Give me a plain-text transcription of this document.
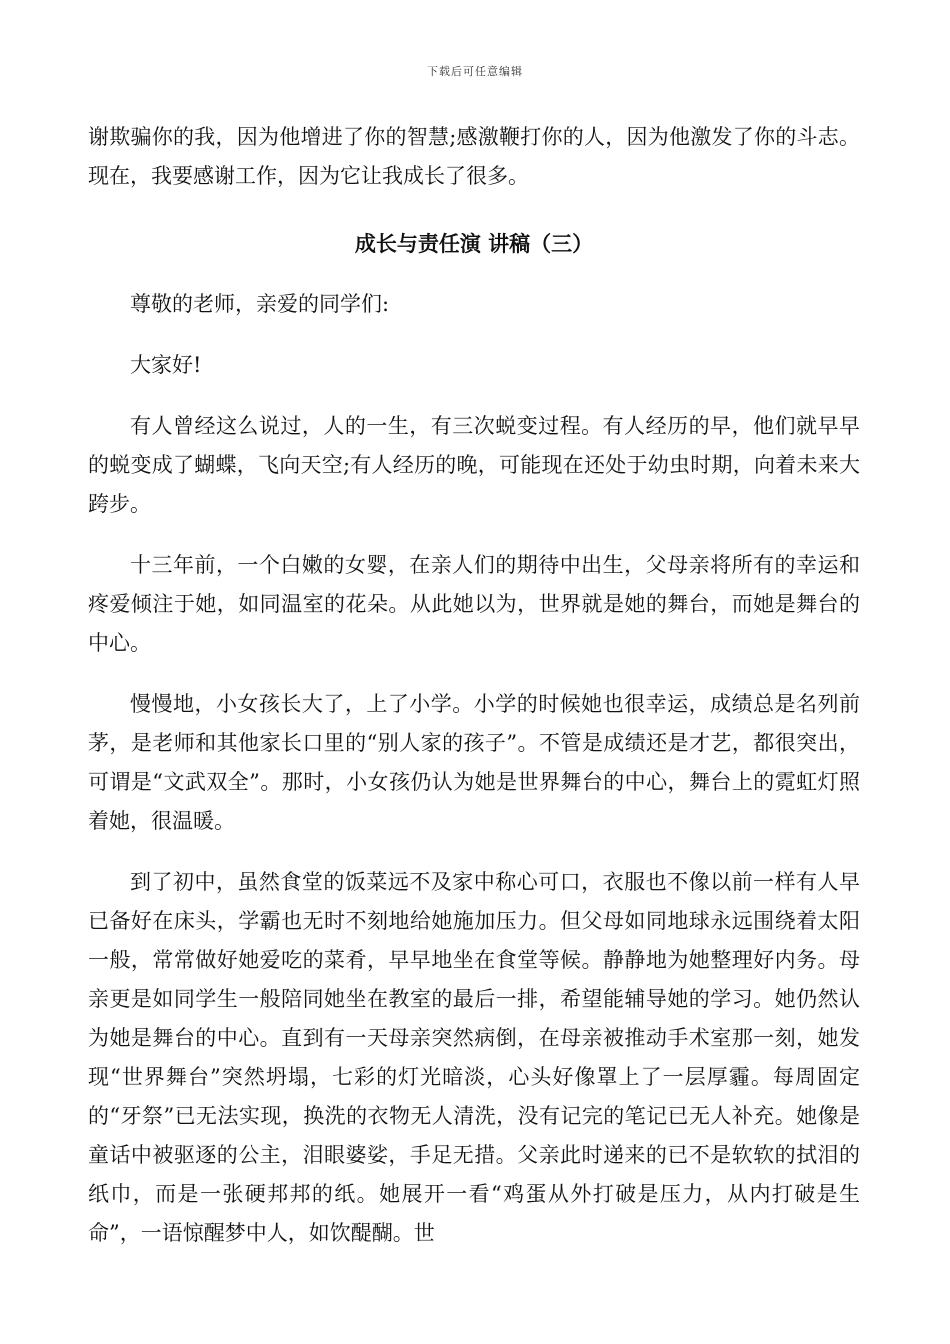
下载后可任意编辑

谢欺骗你的我，因为他增进了你的智慧;感激鞭打你的人，因为他激发了你的斗志。现在，我要感谢工作，因为它让我成长了很多。

成长与责任演 讲稿（三）

尊敬的老师，亲爱的同学们:

大家好!

有人曾经这么说过，人的一生，有三次蜕变过程。有人经历的早，他们就早早的蜕变成了蝴蝶，飞向天空;有人经历的晚，可能现在还处于幼虫时期，向着未来大跨步。

十三年前，一个白嫩的女婴，在亲人们的期待中出生，父母亲将所有的幸运和疼爱倾注于她，如同温室的花朵。从此她以为，世界就是她的舞台，而她是舞台的中心。

慢慢地，小女孩长大了，上了小学。小学的时候她也很幸运，成绩总是名列前茅，是老师和其他家长口里的“别人家的孩子”。不管是成绩还是才艺，都很突出，可谓是“文武双全”。那时，小女孩仍认为她是世界舞台的中心，舞台上的霓虹灯照着她，很温暖。

到了初中，虽然食堂的饭菜远不及家中称心可口，衣服也不像以前一样有人早已备好在床头，学霸也无时不刻地给她施加压力。但父母如同地球永远围绕着太阳一般，常常做好她爱吃的菜肴，早早地坐在食堂等候。静静地为她整理好内务。母亲更是如同学生一般陪同她坐在教室的最后一排，希望能辅导她的学习。她仍然认为她是舞台的中心。直到有一天母亲突然病倒，在母亲被推动手术室那一刻，她发现“世界舞台”突然坍塌，七彩的灯光暗淡，心头好像罩上了一层厚霾。每周固定的“牙祭”已无法实现，换洗的衣物无人清洗，没有记完的笔记已无人补充。她像是童话中被驱逐的公主，泪眼婆娑，手足无措。父亲此时递来的已不是软软的拭泪的纸巾，而是一张硬邦邦的纸。她展开一看“鸡蛋从外打破是压力，从内打破是生命”，一语惊醒梦中人，如饮醍醐。世
